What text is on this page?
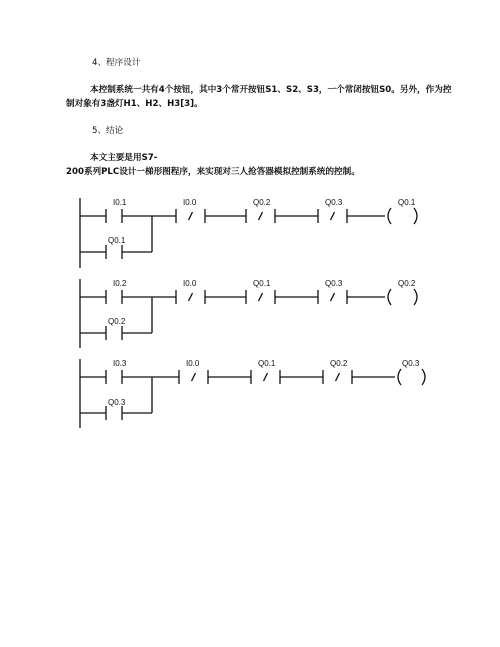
4、程序设计
本控制系统一共有4个按钮，其中3个常开按钮S1、S2、S3，一个常闭按钮S0。另外，作为控
制对象有3盏灯H1、H2、H3[3]。
5、结论
本文主要是用S7-
200系列PLC设计一梯形图程序，来实现对三人抢答器模拟控制系统的控制。
I0.1
Q0.1
I0.0	Q0.2	Q0.3	Q0.1
I0.2
Q0.2
I0.0	Q0.1	Q0.3	Q0.2
I0.3
Q0.3
I0.0	Q0.1	Q0.2	Q0.3
